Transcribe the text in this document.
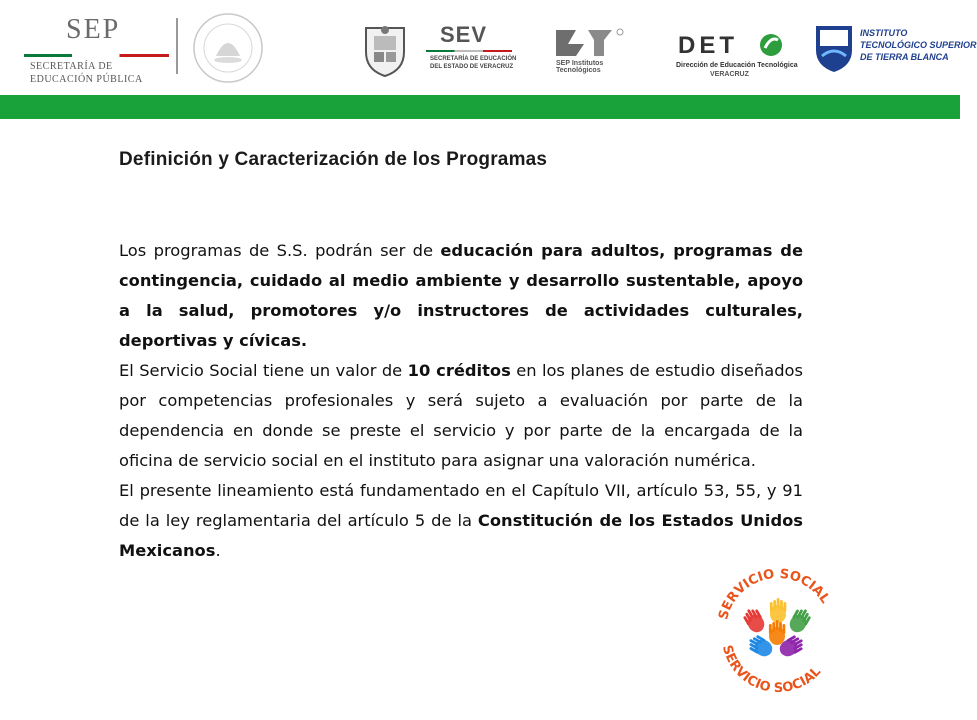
SEP
SECRETARÍA DE
EDUCACIÓN PÚBLICA
SEV
SECRETARÍA DE EDUCACIÓN
DEL ESTADO DE VERACRUZ	SEP Institutos Tecnológicos
DET
Dirección de Educación Tecnológica
VERACRUZ
INSTITUTO
TECNOLÓGICO SUPERIOR
DE TIERRA BLANCA
Definición y Caracterización de los Programas

Los programas de S.S. podrán ser de educación para adultos, programas de contingencia, cuidado al medio ambiente y desarrollo sustentable, apoyo a la salud, promotores y/o instructores de actividades culturales, deportivas y cívicas.

El Servicio Social tiene un valor de 10 créditos en los planes de estudio diseñados por competencias profesionales y será sujeto a evaluación por parte de la dependencia en donde se preste el servicio y por parte de la encargada de la oficina de servicio social en el instituto para asignar una valoración numérica.

El presente lineamiento está fundamentado en el Capítulo VII, artículo 53, 55, y 91 de la ley reglamentaria del artículo 5 de la Constitución de los Estados Unidos Mexicanos.

SERVICIO SOCIAL
SERVICIO SOCIAL
